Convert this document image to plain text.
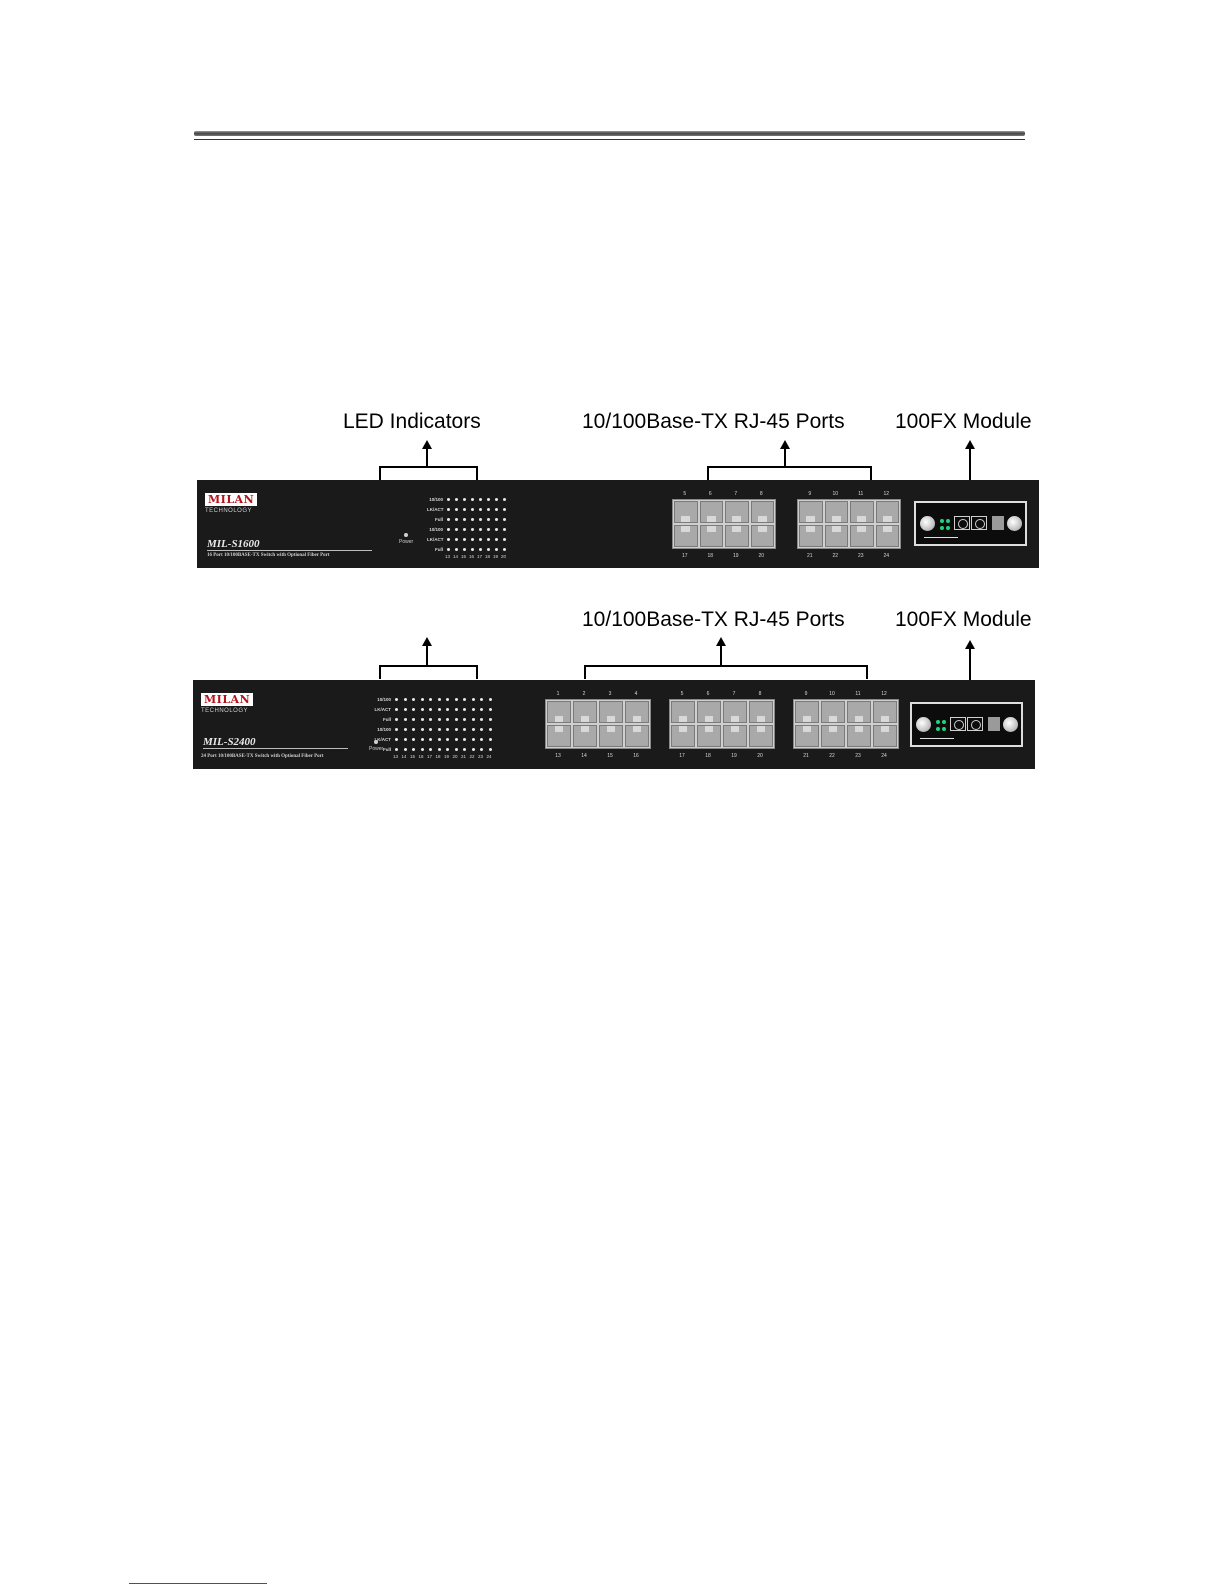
LED Indicators	10/100Base-TX RJ-45 Ports 100FX Module
MILAN
TECHNOLOGY
MIL-S1600
16 Port 10/100BASE-TX Switch with Optional Fiber Port
Power
10/100
LK/ACT
Full
10/100
LK/ACT
Full
13 14 15 16 17 18 19 20
5
17
6
18
7
19
8
20
9
21
10
22
11
23
12
24
10/100Base-TX RJ-45 Ports 100FX Module
MILAN
TECHNOLOGY
MIL-S2400
24 Port 10/100BASE-TX Switch with Optional Fiber Port
Power
10/100
LK/ACT
Full
10/100
LK/ACT
Full
13 14 15 16 17 18 19 20 21 22 23 24
1
13
2
14
3
15
4
16
5
17
6
18
7
19
8
20
9
21
10
22
11
23
12
24
